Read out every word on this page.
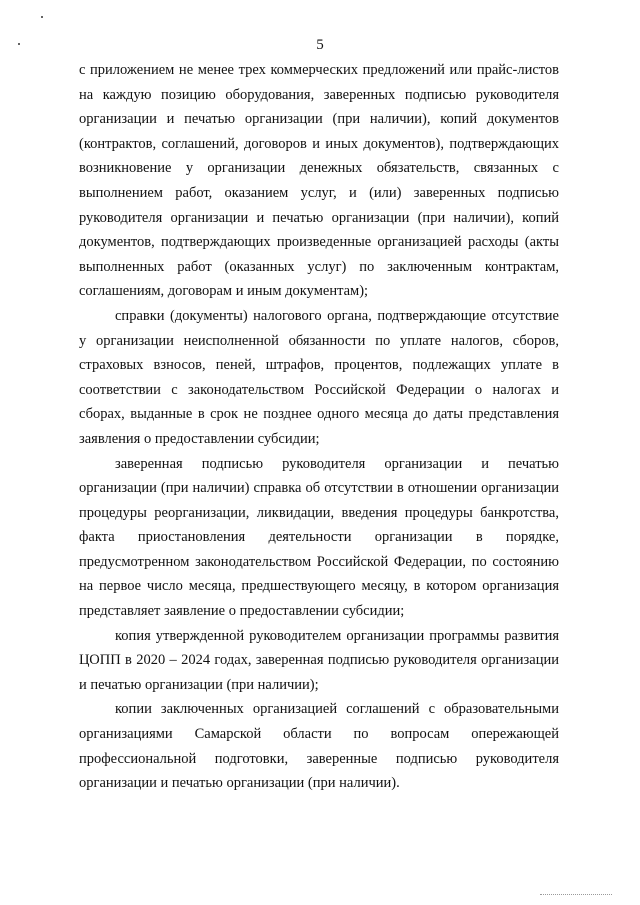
5

с приложением не менее трех коммерческих предложений или прайс-листов на каждую позицию оборудования, заверенных подписью руководителя организации и печатью организации (при наличии), копий документов (контрактов, соглашений, договоров и иных документов), подтверждающих возникновение у организации денежных обязательств, связанных с выполнением работ, оказанием услуг, и (или) заверенных подписью руководителя организации и печатью организации (при наличии), копий документов, подтверждающих произведенные организацией расходы (акты выполненных работ (оказанных услуг) по заключенным контрактам, соглашениям, договорам и иным документам);

справки (документы) налогового органа, подтверждающие отсутствие у организации неисполненной обязанности по уплате налогов, сборов, страховых взносов, пеней, штрафов, процентов, подлежащих уплате в соответствии с законодательством Российской Федерации о налогах и сборах, выданные в срок не позднее одного месяца до даты представления заявления о предоставлении субсидии;

заверенная подписью руководителя организации и печатью организации (при наличии) справка об отсутствии в отношении организации процедуры реорганизации, ликвидации, введения процедуры банкротства, факта приостановления деятельности организации в порядке, предусмотренном законодательством Российской Федерации, по состоянию на первое число месяца, предшествующего месяцу, в котором организация представляет заявление о предоставлении субсидии;

копия утвержденной руководителем организации программы развития ЦОПП в 2020 – 2024 годах, заверенная подписью руководителя организации и печатью организации (при наличии);

копии заключенных организацией соглашений с образовательными организациями Самарской области по вопросам опережающей профессиональной подготовки, заверенные подписью руководителя организации и печатью организации (при наличии).
